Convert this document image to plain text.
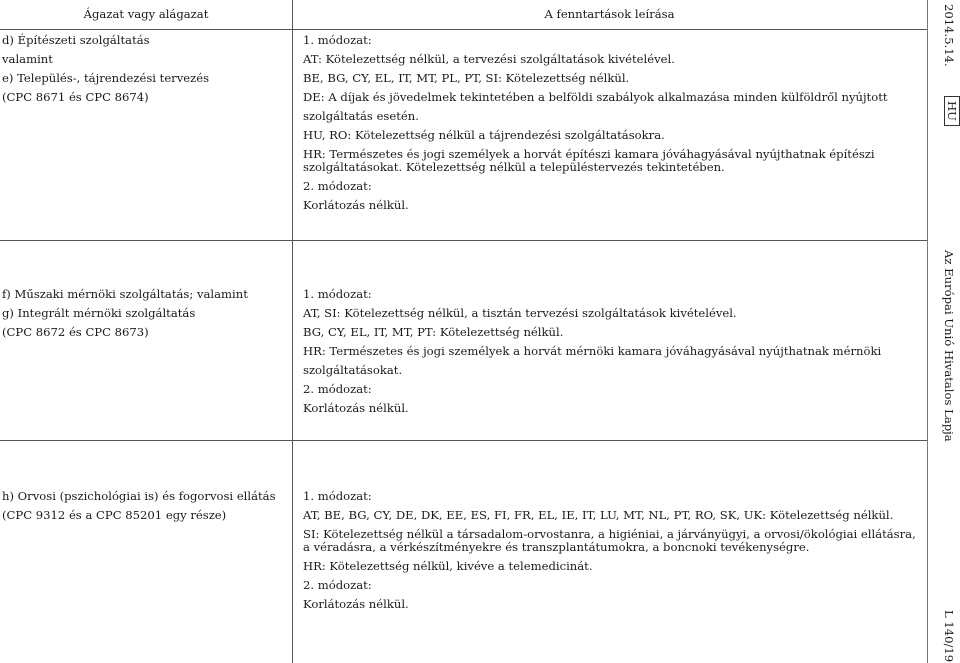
Ágazat vagy alágazat	A fenntartások leírása

d) Építészeti szolgáltatás

valamint

e) Település-, tájrendezési tervezés

(CPC 8671 és CPC 8674)

1. módozat:

AT: Kötelezettség nélkül, a tervezési szolgáltatások kivételével.

BE, BG, CY, EL, IT, MT, PL, PT, SI: Kötelezettség nélkül.

DE: A díjak és jövedelmek tekintetében a belföldi szabályok alkalmazása minden külföldről nyújtott szolgáltatás esetén.

HU, RO: Kötelezettség nélkül a tájrendezési szolgáltatásokra.

HR: Természetes és jogi személyek a horvát építészi kamara jóváhagyásával nyújthatnak építészi szolgáltatásokat. Kötelezettség nélkül a településtervezés tekintetében.

2. módozat:

Korlátozás nélkül.

f) Műszaki mérnöki szolgáltatás; valamint

g) Integrált mérnöki szolgáltatás

(CPC 8672 és CPC 8673)

1. módozat:

AT, SI: Kötelezettség nélkül, a tisztán tervezési szolgáltatások kivételével.

BG, CY, EL, IT, MT, PT: Kötelezettség nélkül.

HR: Természetes és jogi személyek a horvát mérnöki kamara jóváhagyásával nyújthatnak mérnöki szolgáltatásokat.

2. módozat:

Korlátozás nélkül.

h) Orvosi (pszichológiai is) és fogorvosi ellátás

(CPC 9312 és a CPC 85201 egy része)

1. módozat:

AT, BE, BG, CY, DE, DK, EE, ES, FI, FR, EL, IE, IT, LU, MT, NL, PT, RO, SK, UK: Kötelezettség nélkül.

SI: Kötelezettség nélkül a társadalom-orvostanra, a higiéniai, a járványügyi, a orvosi/ökológiai ellátásra, a véradásra, a vérkészítményekre és transzplantátumokra, a boncnoki tevékenységre.

HR: Kötelezettség nélkül, kivéve a telemedicinát.

2. módozat:

Korlátozás nélkül.

2014.5.14.
HU
Az Európai Unió Hivatalos Lapja
L 140/19
